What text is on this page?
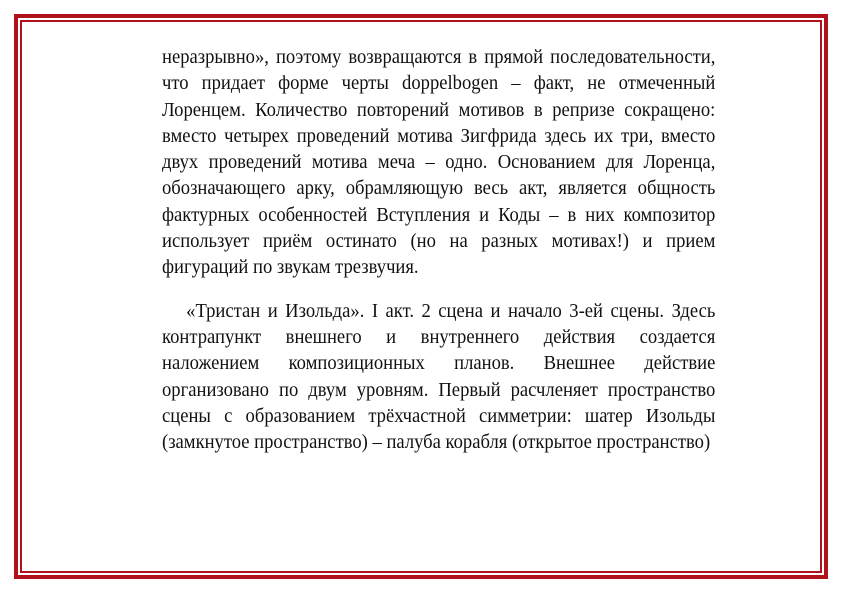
неразрывно», поэтому возвращаются в прямой последовательности, что придает форме черты doppelbogen – факт, не отмеченный Лоренцем. Количество повторений мотивов в репризе сокращено: вместо четырех проведений мотива Зигфрида здесь их три, вместо двух проведений мотива меча – одно. Основанием для Лоренца, обозначающего арку, обрамляющую весь акт, является общность фактурных особенностей Вступления и Коды – в них композитор использует приём остинато (но на разных мотивах!) и прием фигураций по звукам трезвучия.

«Тристан и Изольда». I акт. 2 сцена и начало 3-ей сцены. Здесь контрапункт внешнего и внутреннего действия создается наложением композиционных планов. Внешнее действие организовано по двум уровням. Первый расчленяет пространство сцены с образованием трёхчастной симметрии: шатер Изольды (замкнутое пространство) – палуба корабля (открытое пространство)
